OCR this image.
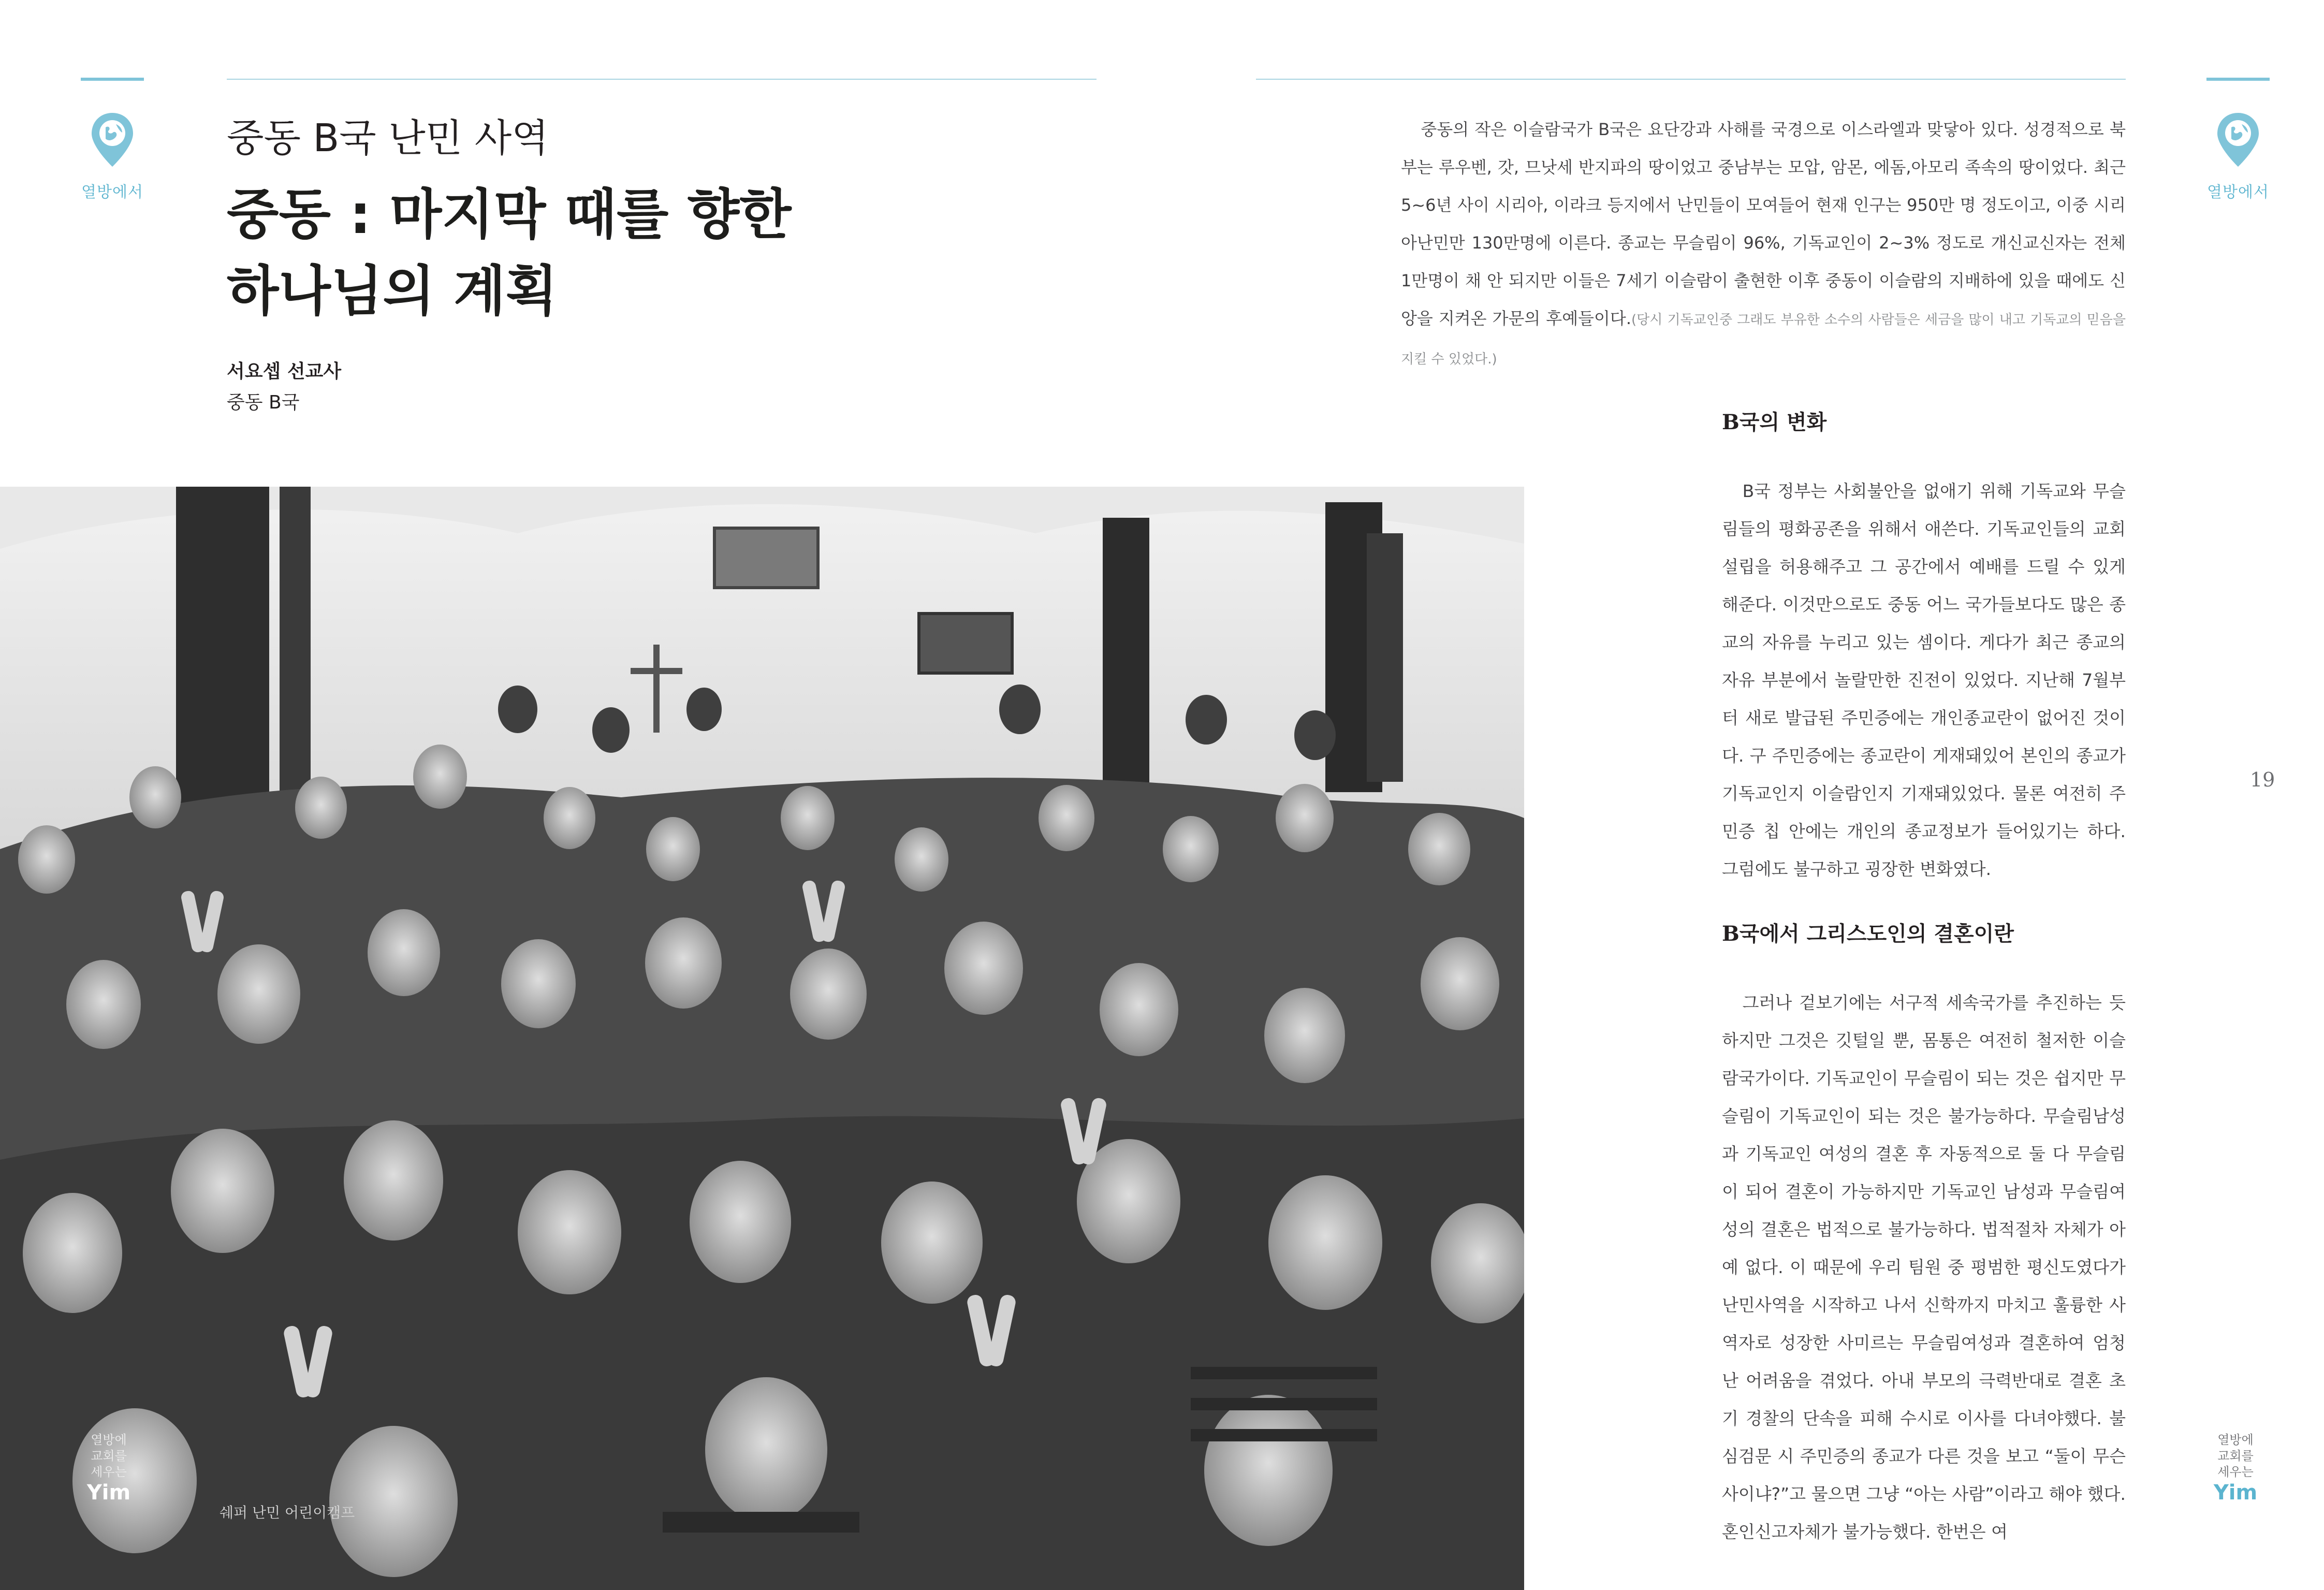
열방에서	열방에서
중동 B국 난민 사역
중동 : 마지막 때를 향한
하나님의 계획
서요셉 선교사
중동 B국
19
쉐퍼 난민 어린이캠프
열방에
교회를
세우는
Yim
열방에
교회를
세우는
Yim

중동의 작은 이슬람국가 B국은 요단강과 사해를 국경으로 이스라엘과 맞닿아 있다. 성경적으로 북부는 루우벤, 갓, 므낫세 반지파의 땅이었고 중남부는 모압, 암몬, 에돔,아모리 족속의 땅이었다. 최근 5~6년 사이 시리아, 이라크 등지에서 난민들이 모여들어 현재 인구는 950만 명 정도이고, 이중 시리아난민만 130만명에 이른다. 종교는 무슬림이 96%, 기독교인이 2~3% 정도로 개신교신자는 전체 1만명이 채 안 되지만 이들은 7세기 이슬람이 출현한 이후 중동이 이슬람의 지배하에 있을 때에도 신앙을 지켜온 가문의 후예들이다.(당시 기독교인중 그래도 부유한 소수의 사람들은 세금을 많이 내고 기독교의 믿음을 지킬 수 있었다.)

B국의 변화

B국 정부는 사회불안을 없애기 위해 기독교와 무슬림들의 평화공존을 위해서 애쓴다. 기독교인들의 교회설립을 허용해주고 그 공간에서 예배를 드릴 수 있게 해준다. 이것만으로도 중동 어느 국가들보다도 많은 종교의 자유를 누리고 있는 셈이다. 게다가 최근 종교의 자유 부분에서 놀랄만한 진전이 있었다. 지난해 7월부터 새로 발급된 주민증에는 개인종교란이 없어진 것이다. 구 주민증에는 종교란이 게재돼있어 본인의 종교가 기독교인지 이슬람인지 기재돼있었다. 물론 여전히 주민증 칩 안에는 개인의 종교정보가 들어있기는 하다. 그럼에도 불구하고 굉장한 변화였다.

B국에서 그리스도인의 결혼이란

그러나 겉보기에는 서구적 세속국가를 추진하는 듯 하지만 그것은 깃털일 뿐, 몸통은 여전히 철저한 이슬람국가이다. 기독교인이 무슬림이 되는 것은 쉽지만 무슬림이 기독교인이 되는 것은 불가능하다. 무슬림남성과 기독교인 여성의 결혼 후 자동적으로 둘 다 무슬림이 되어 결혼이 가능하지만 기독교인 남성과 무슬림여성의 결혼은 법적으로 불가능하다. 법적절차 자체가 아예 없다. 이 때문에 우리 팀원 중 평범한 평신도였다가 난민사역을 시작하고 나서 신학까지 마치고 훌륭한 사역자로 성장한 사미르는 무슬림여성과 결혼하여 엄청난 어려움을 겪었다. 아내 부모의 극력반대로 결혼 초기 경찰의 단속을 피해 수시로 이사를 다녀야했다. 불심검문 시 주민증의 종교가 다른 것을 보고 “둘이 무슨 사이냐?”고 물으면 그냥 “아는 사람”이라고 해야 했다. 혼인신고자체가 불가능했다. 한번은 여
